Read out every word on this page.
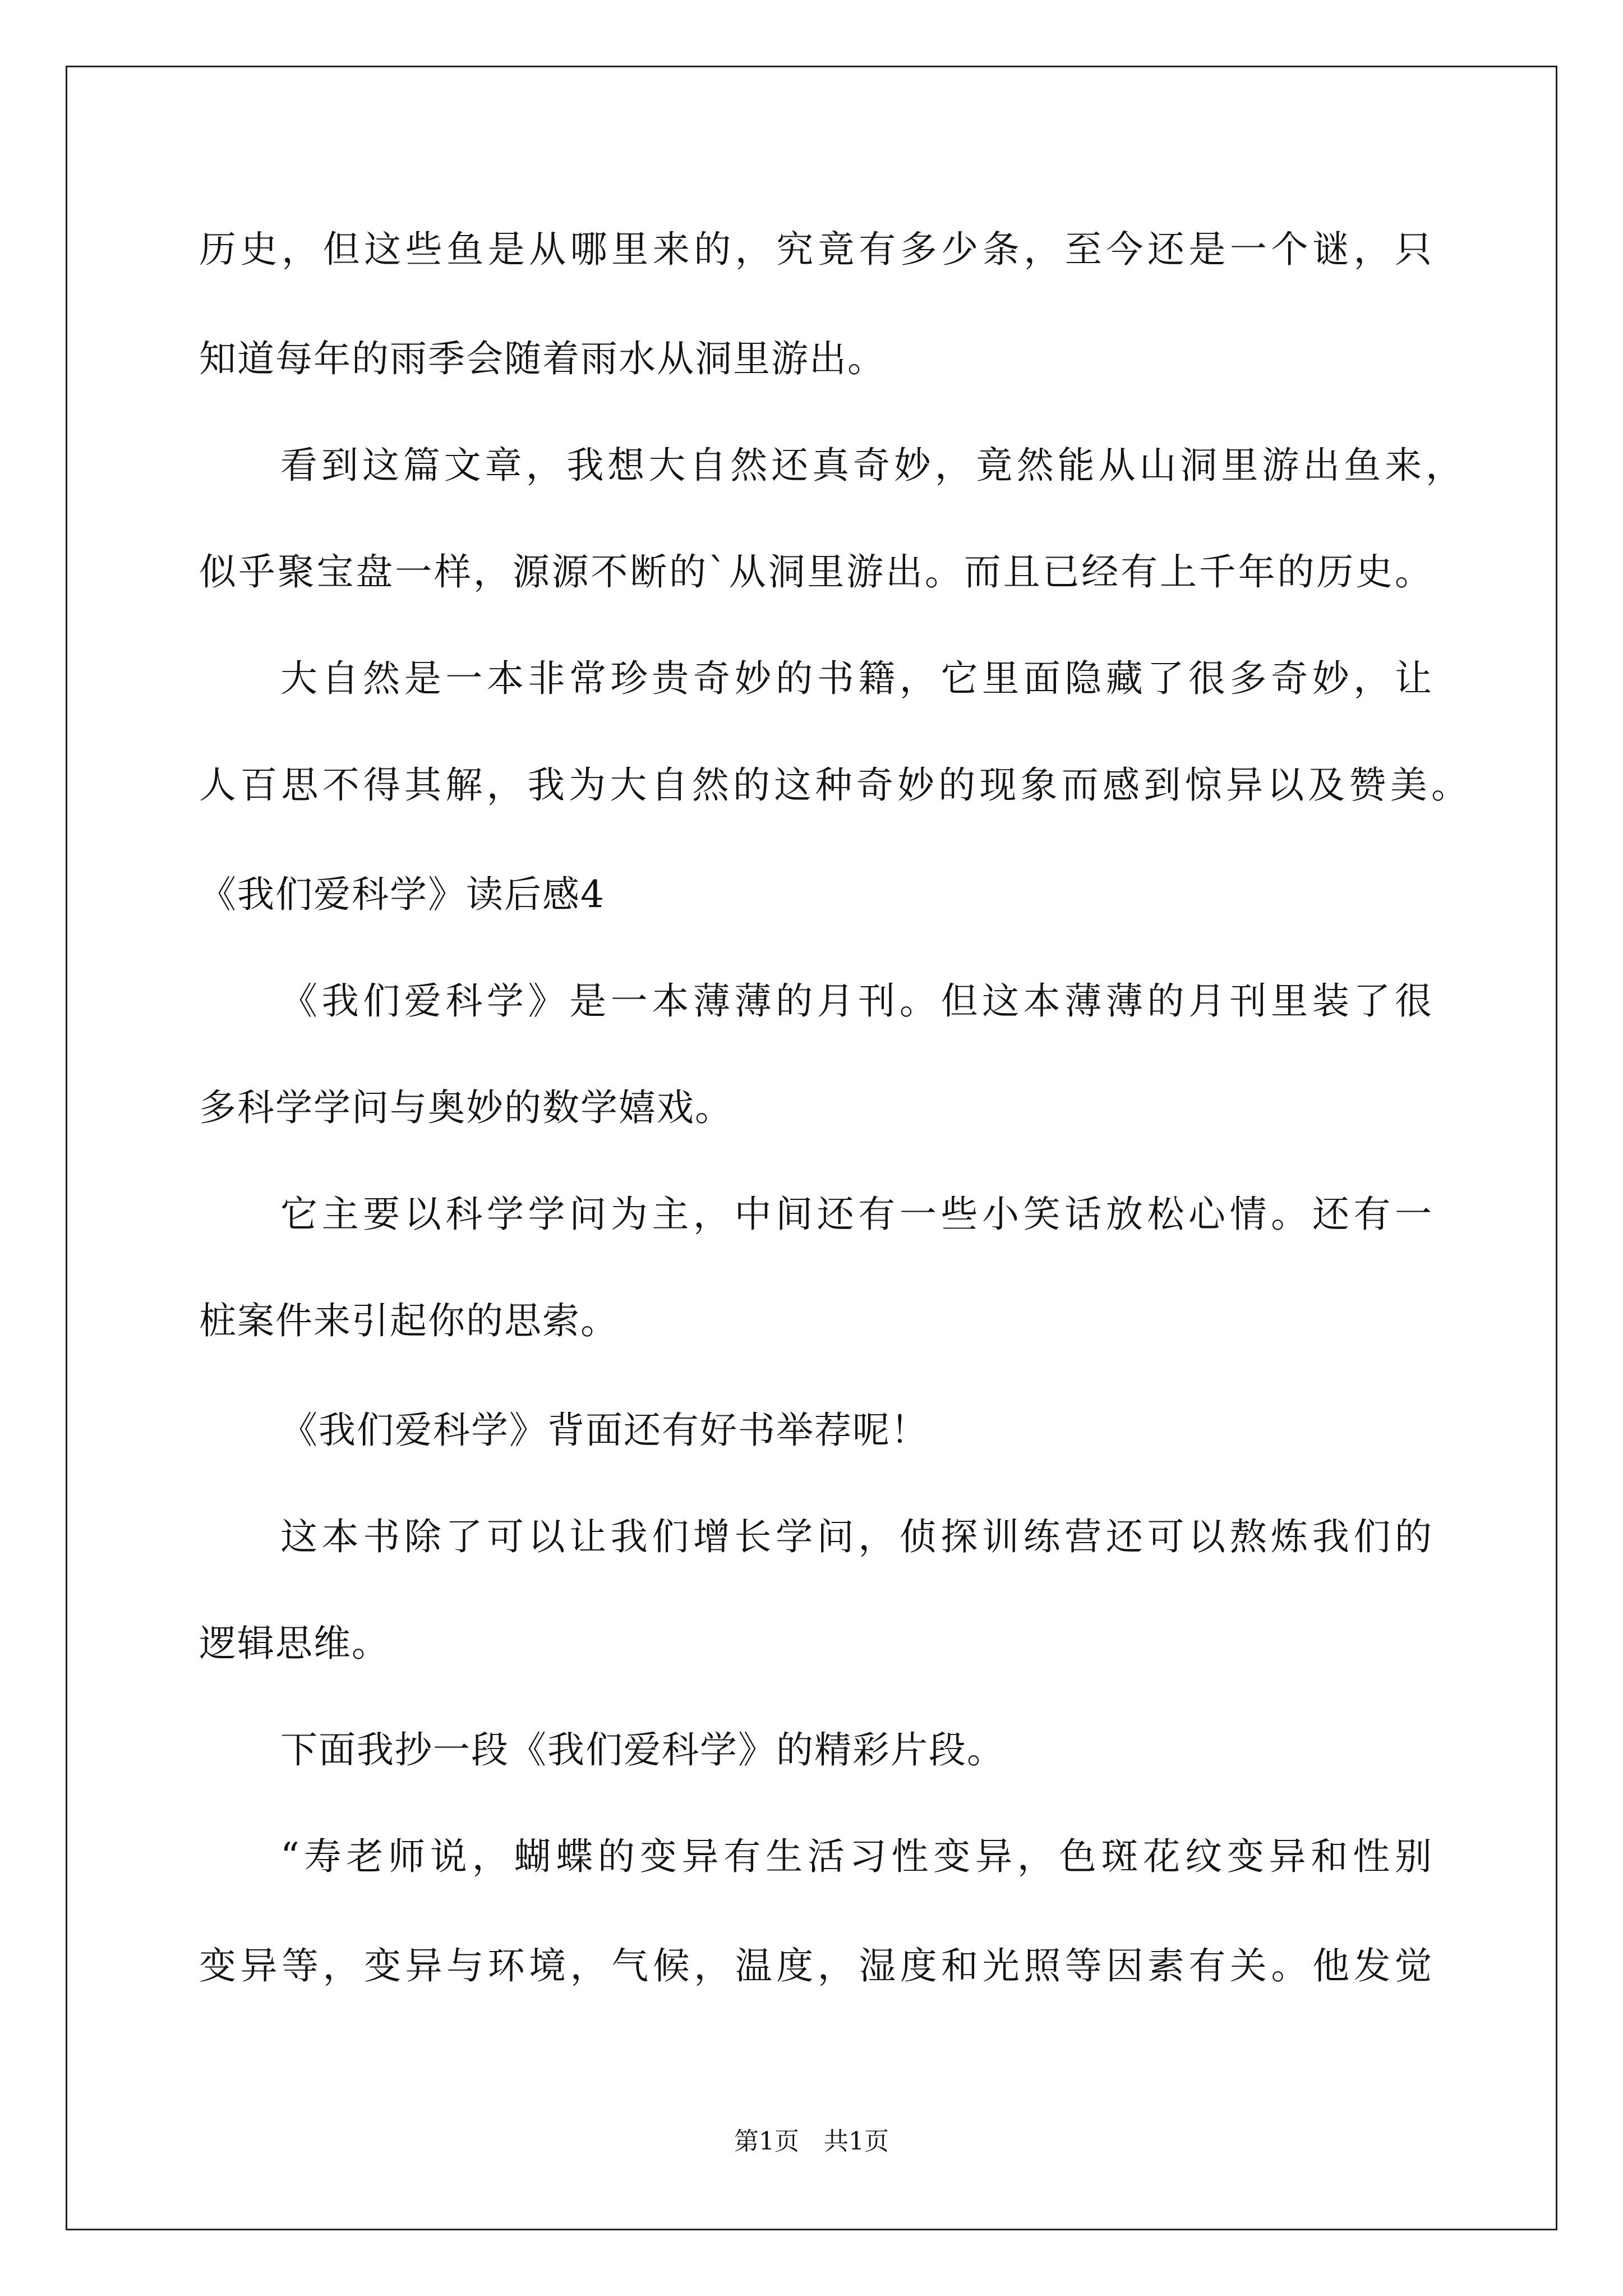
历史，但这些鱼是从哪里来的，究竟有多少条，至今还是一个谜，只
知道每年的雨季会随着雨水从洞里游出。
看到这篇文章，我想大自然还真奇妙，竟然能从山洞里游出鱼来，
似乎聚宝盘一样，源源不断的`从洞里游出。而且已经有上千年的历史。
大自然是一本非常珍贵奇妙的书籍，它里面隐藏了很多奇妙，让
人百思不得其解，我为大自然的这种奇妙的现象而感到惊异以及赞美。
《我们爱科学》读后感4
《我们爱科学》是一本薄薄的月刊。但这本薄薄的月刊里装了很
多科学学问与奥妙的数学嬉戏。
它主要以科学学问为主，中间还有一些小笑话放松心情。还有一
桩案件来引起你的思索。
《我们爱科学》背面还有好书举荐呢！
这本书除了可以让我们增长学问，侦探训练营还可以熬炼我们的
逻辑思维。
下面我抄一段《我们爱科学》的精彩片段。
“寿老师说，蝴蝶的变异有生活习性变异，色斑花纹变异和性别
变异等，变异与环境，气候，温度，湿度和光照等因素有关。他发觉
第1页　共1页
